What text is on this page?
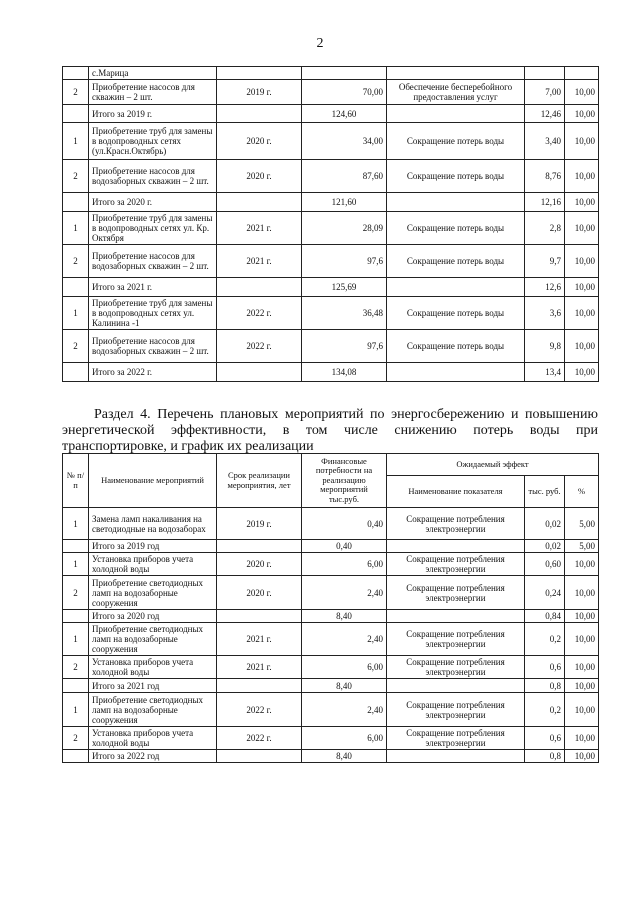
2
	с.Марица					
2	Приобретение насосов для скважин – 2 шт.	2019 г.	70,00	Обеспечение бесперебойного предоставления услуг	7,00	10,00
	Итого за 2019 г.		124,60		12,46	10,00
1	Приобретение труб для замены в водопроводных сетях (ул.Красн.Октябрь)	2020 г.	34,00	Сокращение потерь воды	3,40	10,00
2	Приобретение насосов для водозаборных скважин – 2 шт.	2020 г.	87,60	Сокращение потерь воды	8,76	10,00
	Итого за 2020 г.		121,60		12,16	10,00
1	Приобретение труб для замены в водопроводных сетях ул. Кр. Октября	2021 г.	28,09	Сокращение потерь воды	2,8	10,00
2	Приобретение насосов для водозаборных скважин – 2 шт.	2021 г.	97,6	Сокращение потерь воды	9,7	10,00
	Итого за 2021 г.		125,69		12,6	10,00
1	Приобретение труб для замены в водопроводных сетях ул. Калинина -1	2022 г.	36,48	Сокращение потерь воды	3,6	10,00
2	Приобретение насосов для водозаборных скважин – 2 шт.	2022 г.	97,6	Сокращение потерь воды	9,8	10,00
	Итого за 2022 г.		134,08		13,4	10,00
Раздел 4. Перечень плановых мероприятий по энергосбережению и повышению энергетической эффективности, в том числе снижению потерь воды при транспортировке, и график их реализации
№ п/п	Наименование мероприятий	Срок реализации мероприятия, лет	Финансовые потребности на реализацию мероприятий тыс.руб.	Ожидаемый эффект		
				Наименование показателя	тыс. руб.	%
1	Замена ламп накаливания на светодиодные на водозаборах	2019 г.	0,40	Сокращение потребления электроэнергии	0,02	5,00
	Итого за 2019 год		0,40		0,02	5,00
1	Установка приборов учета холодной воды	2020 г.	6,00	Сокращение потребления электроэнергии	0,60	10,00
2	Приобретение светодиодных ламп на водозаборные сооружения	2020 г.	2,40	Сокращение потребления электроэнергии	0,24	10,00
	Итого за 2020 год		8,40		0,84	10,00
1	Приобретение светодиодных ламп на водозаборные сооружения	2021 г.	2,40	Сокращение потребления электроэнергии	0,2	10,00
2	Установка приборов учета холодной воды	2021 г.	6,00	Сокращение потребления электроэнергии	0,6	10,00
	Итого за 2021 год		8,40		0,8	10,00
1	Приобретение светодиодных ламп на водозаборные сооружения	2022 г.	2,40	Сокращение потребления электроэнергии	0,2	10,00
2	Установка приборов учета холодной воды	2022 г.	6,00	Сокращение потребления электроэнергии	0,6	10,00
	Итого за 2022 год		8,40		0,8	10,00
